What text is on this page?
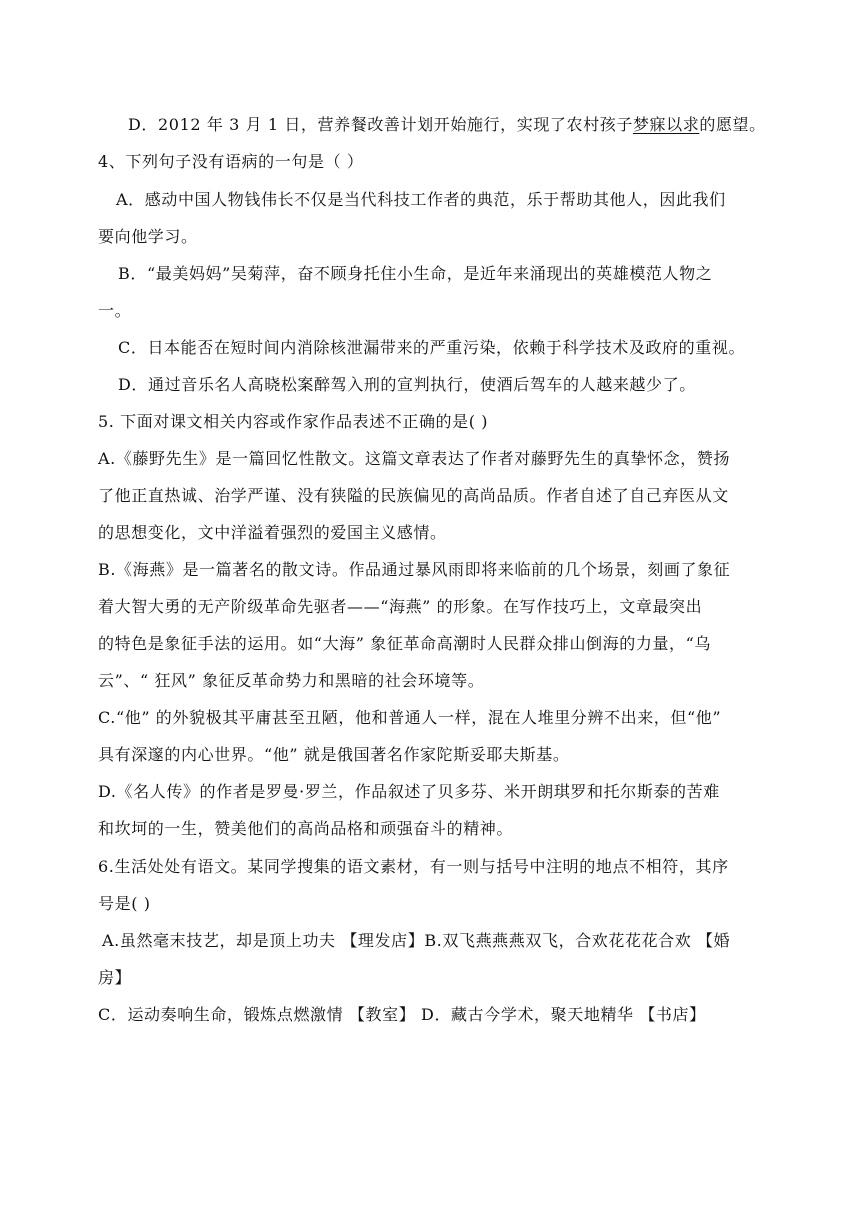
D．2012 年 3 月 1 日，营养餐改善计划开始施行，实现了农村孩子梦寐以求的愿望。
4、下列句子没有语病的一句是（ ）
A．感动中国人物钱伟长不仅是当代科技工作者的典范，乐于帮助其他人，因此我们
要向他学习。
B．“最美妈妈”吴菊萍，奋不顾身托住小生命，是近年来涌现出的英雄模范人物之
一。
C．日本能否在短时间内消除核泄漏带来的严重污染，依赖于科学技术及政府的重视。
D．通过音乐名人高晓松案醉驾入刑的宣判执行，使酒后驾车的人越来越少了。
5. 下面对课文相关内容或作家作品表述不正确的是( )
A.《藤野先生》是一篇回忆性散文。这篇文章表达了作者对藤野先生的真挚怀念，赞扬
了他正直热诚、治学严谨、没有狭隘的民族偏见的高尚品质。作者自述了自己弃医从文
的思想变化，文中洋溢着强烈的爱国主义感情。
B.《海燕》是一篇著名的散文诗。作品通过暴风雨即将来临前的几个场景，刻画了象征
着大智大勇的无产阶级革命先驱者——“海燕” 的形象。在写作技巧上，文章最突出
的特色是象征手法的运用。如“大海” 象征革命高潮时人民群众排山倒海的力量，“乌
云”、“ 狂风” 象征反革命势力和黑暗的社会环境等。
C.“他” 的外貌极其平庸甚至丑陋，他和普通人一样，混在人堆里分辨不出来，但“他”
具有深邃的内心世界。“他” 就是俄国著名作家陀斯妥耶夫斯基。
D.《名人传》的作者是罗曼·罗兰，作品叙述了贝多芬、米开朗琪罗和托尔斯泰的苦难
和坎坷的一生，赞美他们的高尚品格和顽强奋斗的精神。
6.生活处处有语文。某同学搜集的语文素材，有一则与括号中注明的地点不相符，其序
号是( )
A.虽然毫末技艺，却是顶上功夫 【理发店】B.双飞燕燕燕双飞，合欢花花花合欢 【婚
房】
C．运动奏响生命，锻炼点燃激情 【教室】 D．藏古今学术，聚天地精华 【书店】
